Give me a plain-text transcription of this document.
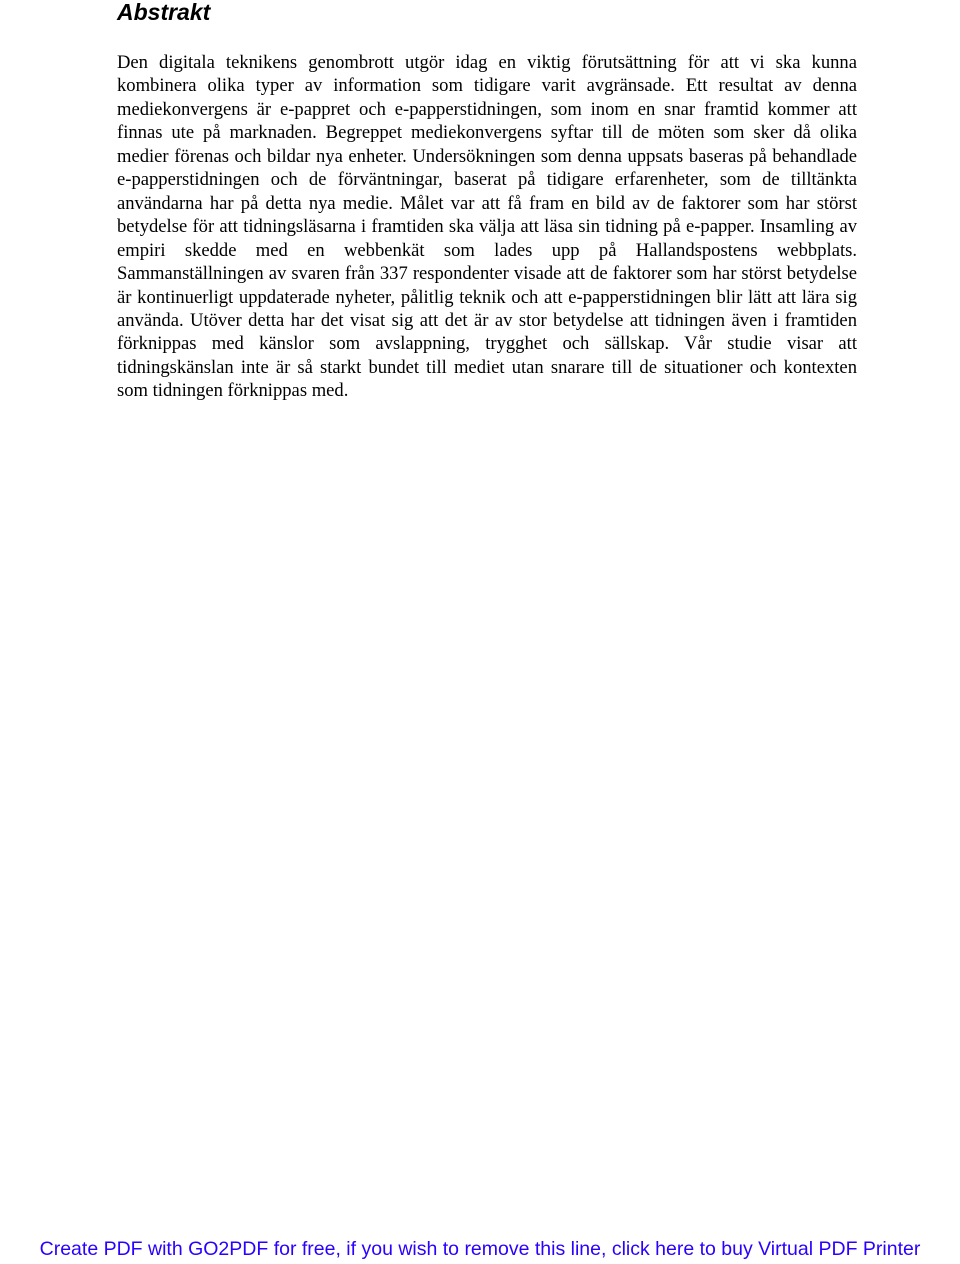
Abstrakt

Den digitala teknikens genombrott utgör idag en viktig förutsättning för att vi ska kunna kombinera olika typer av information som tidigare varit avgränsade. Ett resultat av denna mediekonvergens är e-pappret och e-papperstidningen, som inom en snar framtid kommer att finnas ute på marknaden. Begreppet mediekonvergens syftar till de möten som sker då olika medier förenas och bildar nya enheter. Undersökningen som denna uppsats baseras på behandlade e-papperstidningen och de förväntningar, baserat på tidigare erfarenheter, som de tilltänkta användarna har på detta nya medie. Målet var att få fram en bild av de faktorer som har störst betydelse för att tidningsläsarna i framtiden ska välja att läsa sin tidning på e-papper. Insamling av empiri skedde med en webbenkät som lades upp på Hallandspostens webbplats. Sammanställningen av svaren från 337 respondenter visade att de faktorer som har störst betydelse är kontinuerligt uppdaterade nyheter, pålitlig teknik och att e-papperstidningen blir lätt att lära sig använda. Utöver detta har det visat sig att det är av stor betydelse att tidningen även i framtiden förknippas med känslor som avslappning, trygghet och sällskap. Vår studie visar att tidningskänslan inte är så starkt bundet till mediet utan snarare till de situationer och kontexten som tidningen förknippas med.

Create PDF with GO2PDF for free, if you wish to remove this line, click here to buy Virtual PDF Printer
